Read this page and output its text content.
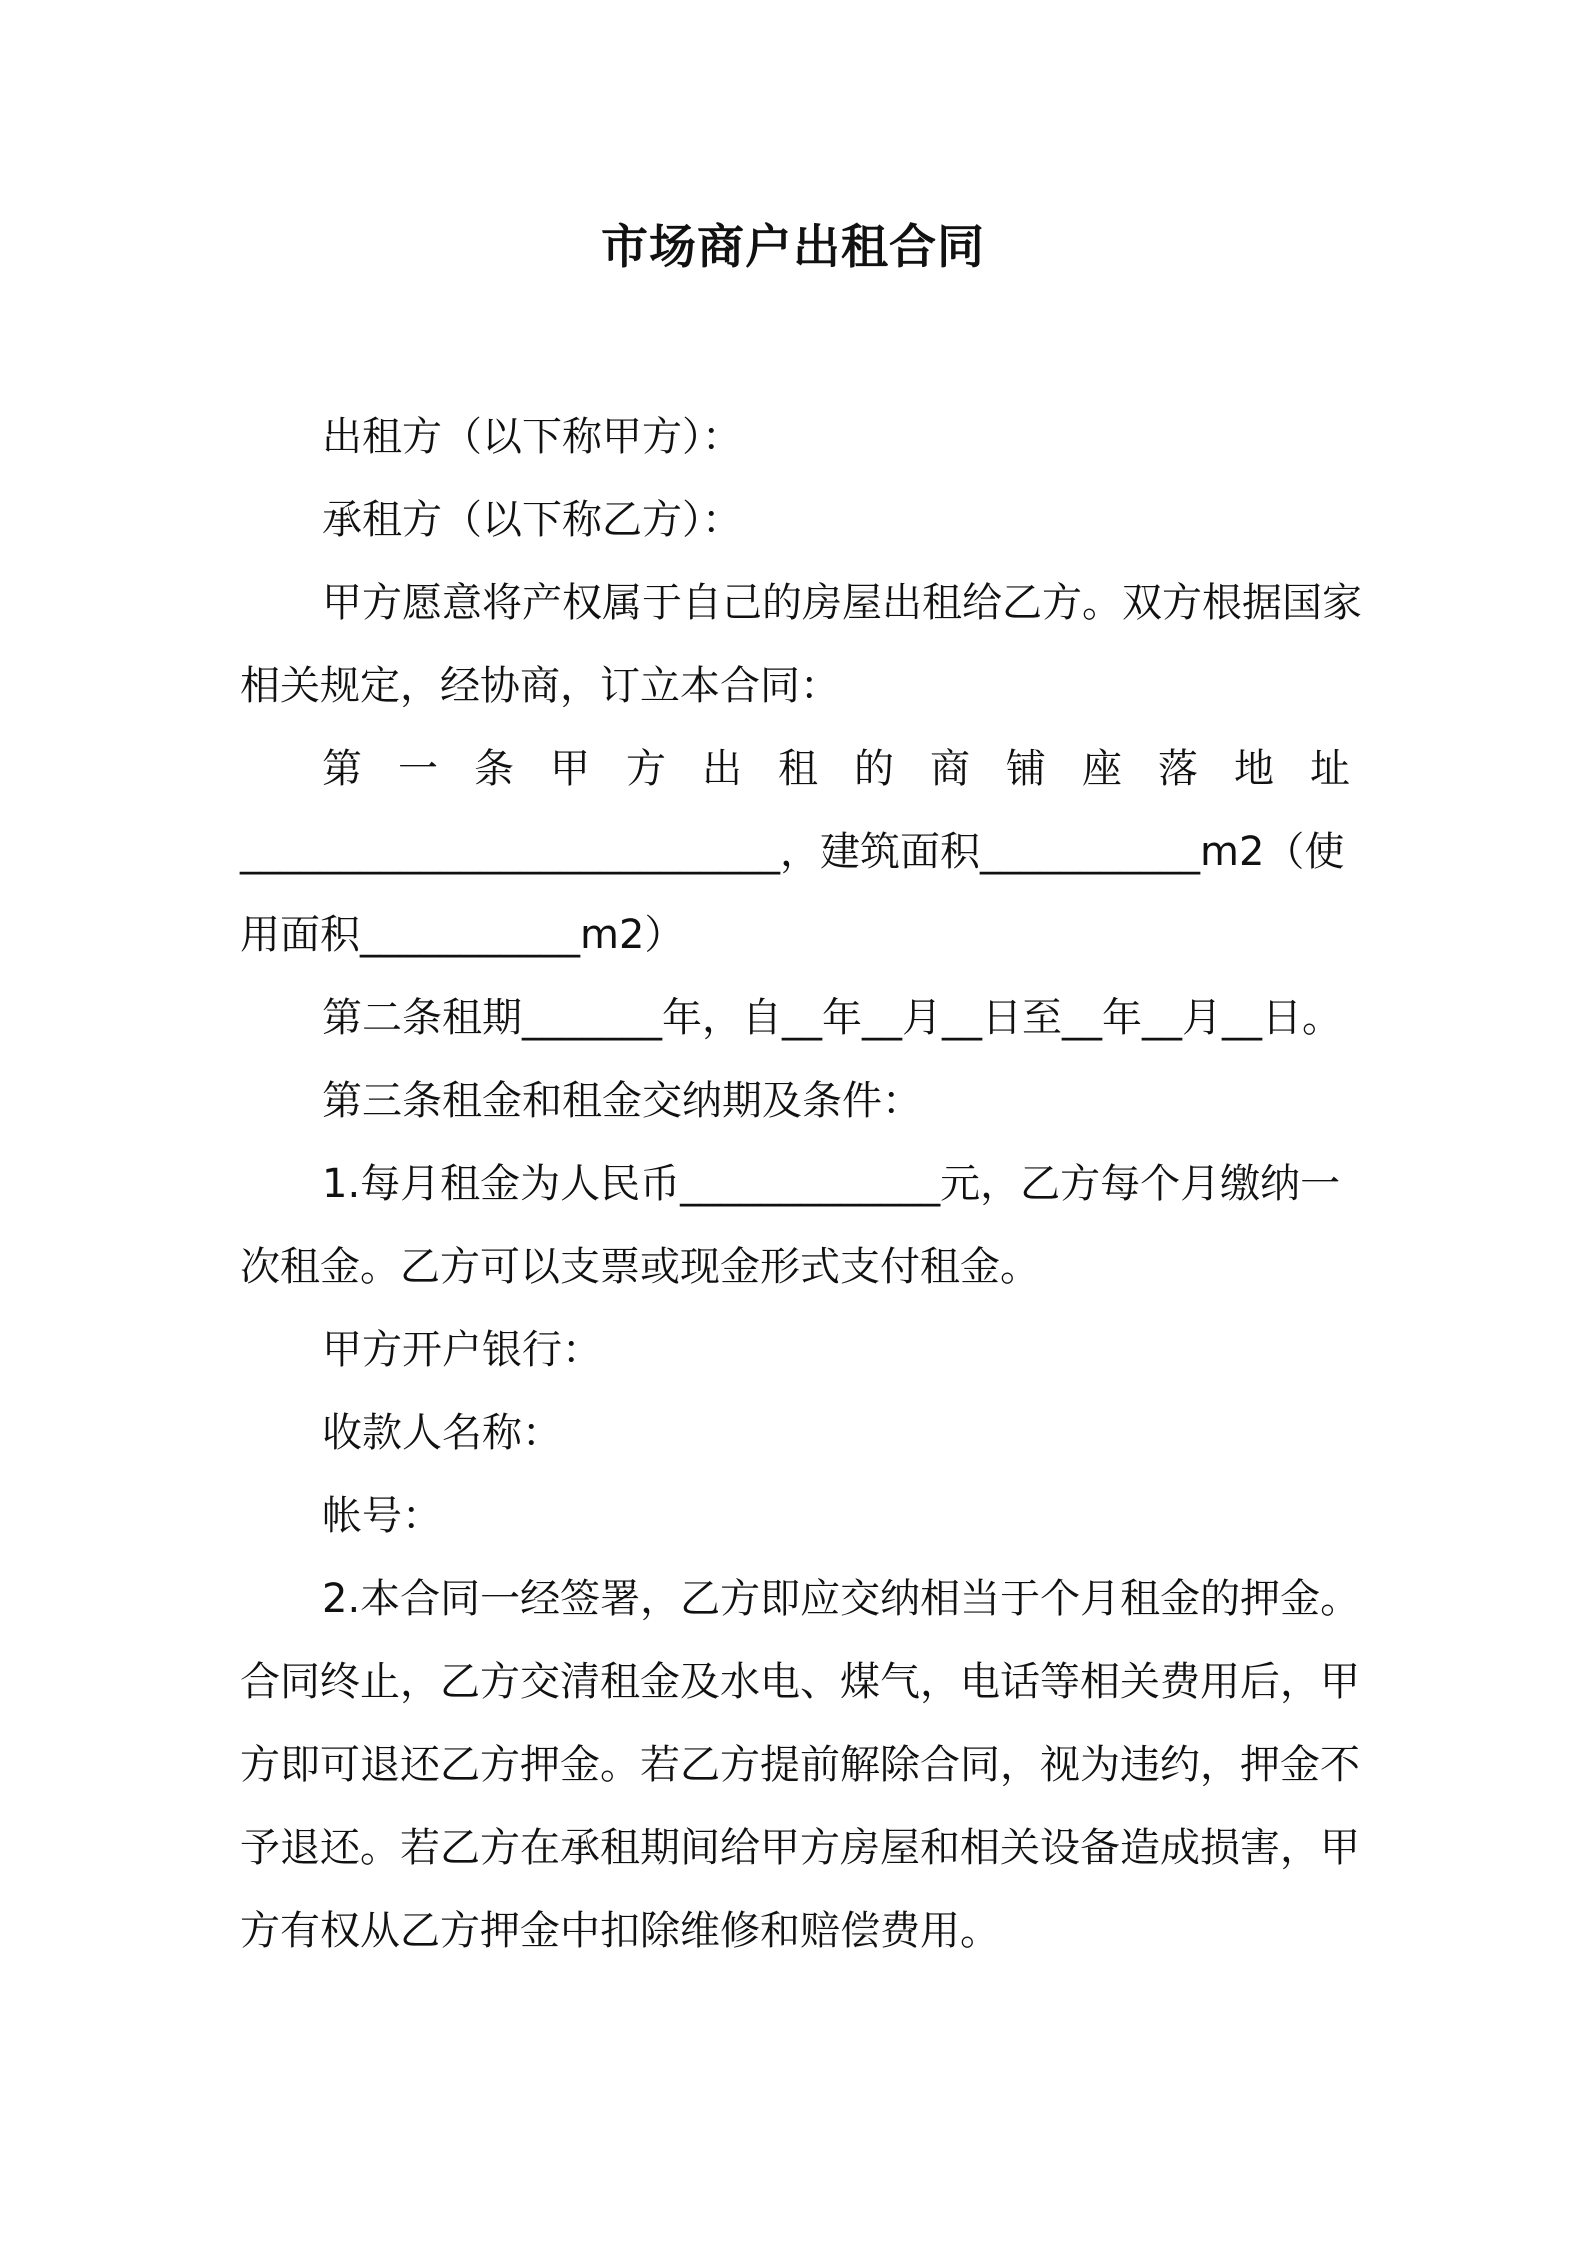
市场商户出租合同
出租方（以下称甲方）：
承租方（以下称乙方）：
甲方愿意将产权属于自己的房屋出租给乙方。双方根据国家
相关规定，经协商，订立本合同：
第 一 条 甲 方 出 租 的 商 铺 座 落 地 址
___________________________，建筑面积___________m2（使
用面积___________m2）
第二条租期_______年，自__年__月__日至__年__月__日。
第三条租金和租金交纳期及条件：
1.每月租金为人民币_____________元，乙方每个月缴纳一
次租金。乙方可以支票或现金形式支付租金。
甲方开户银行：
收款人名称：
帐号：
2.本合同一经签署，乙方即应交纳相当于个月租金的押金。
合同终止，乙方交清租金及水电、煤气，电话等相关费用后，甲
方即可退还乙方押金。若乙方提前解除合同，视为违约，押金不
予退还。若乙方在承租期间给甲方房屋和相关设备造成损害，甲
方有权从乙方押金中扣除维修和赔偿费用。
